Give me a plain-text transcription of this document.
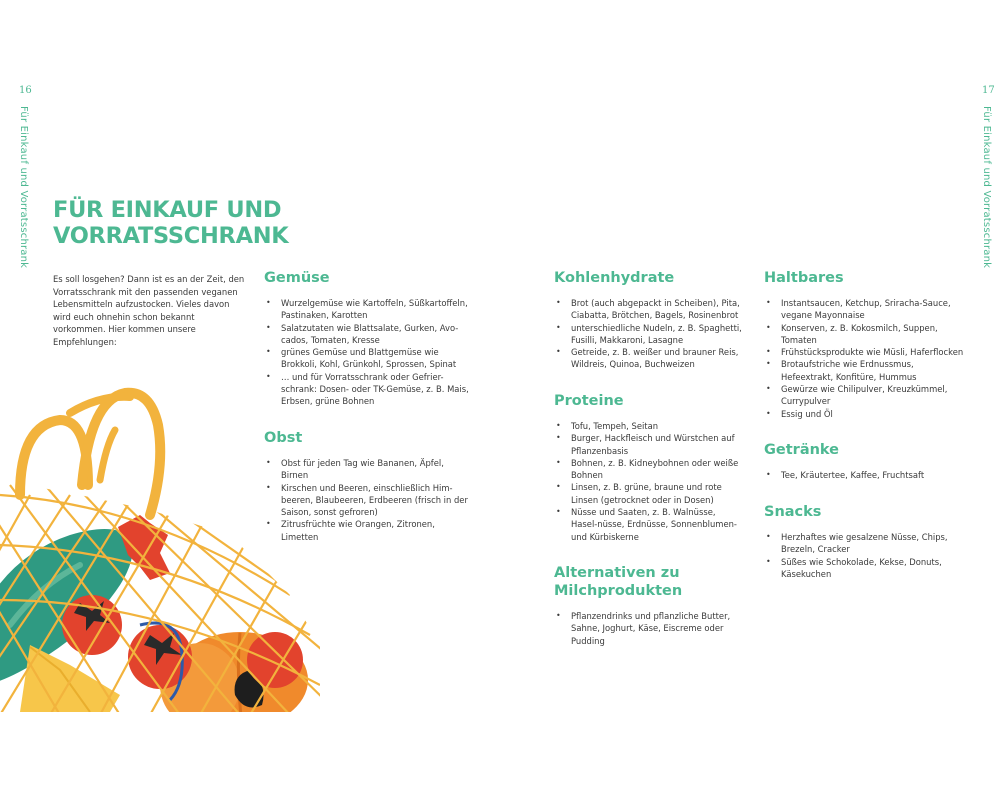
16
Für Einkauf und Vorratsschrank
17
Für Einkauf und Vorratsschrank
FÜR EINKAUF UND
VORRATSSCHRANK

Es soll losgehen? Dann ist es an der Zeit, den Vorratsschrank mit den passenden veganen Lebensmitteln aufzustocken. Vieles davon wird euch ohnehin schon bekannt vorkommen. Hier kommen unsere Empfehlungen:

Gemüse
• Wurzelgemüse wie Kartoffeln, Süßkartoffeln, Pastinaken, Karotten
• Salatzutaten wie Blattsalate, Gurken, Avo-cados, Tomaten, Kresse
• grünes Gemüse und Blattgemüse wie Brokkoli, Kohl, Grünkohl, Sprossen, Spinat
• … und für Vorratsschrank oder Gefrier-schrank: Dosen- oder TK-Gemüse, z. B. Mais, Erbsen, grüne Bohnen
Obst
• Obst für jeden Tag wie Bananen, Äpfel, Birnen
• Kirschen und Beeren, einschließlich Him-beeren, Blaubeeren, Erdbeeren (frisch in der Saison, sonst gefroren)
• Zitrusfrüchte wie Orangen, Zitronen, Limetten
Kohlenhydrate
• Brot (auch abgepackt in Scheiben), Pita, Ciabatta, Brötchen, Bagels, Rosinenbrot
• unterschiedliche Nudeln, z. B. Spaghetti, Fusilli, Makkaroni, Lasagne
• Getreide, z. B. weißer und brauner Reis, Wildreis, Quinoa, Buchweizen
Proteine
• Tofu, Tempeh, Seitan
• Burger, Hackfleisch und Würstchen auf Pflanzenbasis
• Bohnen, z. B. Kidneybohnen oder weiße Bohnen
• Linsen, z. B. grüne, braune und rote Linsen (getrocknet oder in Dosen)
• Nüsse und Saaten, z. B. Walnüsse, Hasel-nüsse, Erdnüsse, Sonnenblumen- und Kürbiskerne
Alternativen zu
Milchprodukten
• Pflanzendrinks und pflanzliche Butter, Sahne, Joghurt, Käse, Eiscreme oder Pudding
Haltbares
• Instantsaucen, Ketchup, Sriracha-Sauce, vegane Mayonnaise
• Konserven, z. B. Kokosmilch, Suppen, Tomaten
• Frühstücksprodukte wie Müsli, Haferflocken
• Brotaufstriche wie Erdnussmus, Hefeextrakt, Konfitüre, Hummus
• Gewürze wie Chilipulver, Kreuzkümmel, Currypulver
• Essig und Öl
Getränke
• Tee, Kräutertee, Kaffee, Fruchtsaft
Snacks
• Herzhaftes wie gesalzene Nüsse, Chips, Brezeln, Cracker
• Süßes wie Schokolade, Kekse, Donuts, Käsekuchen
